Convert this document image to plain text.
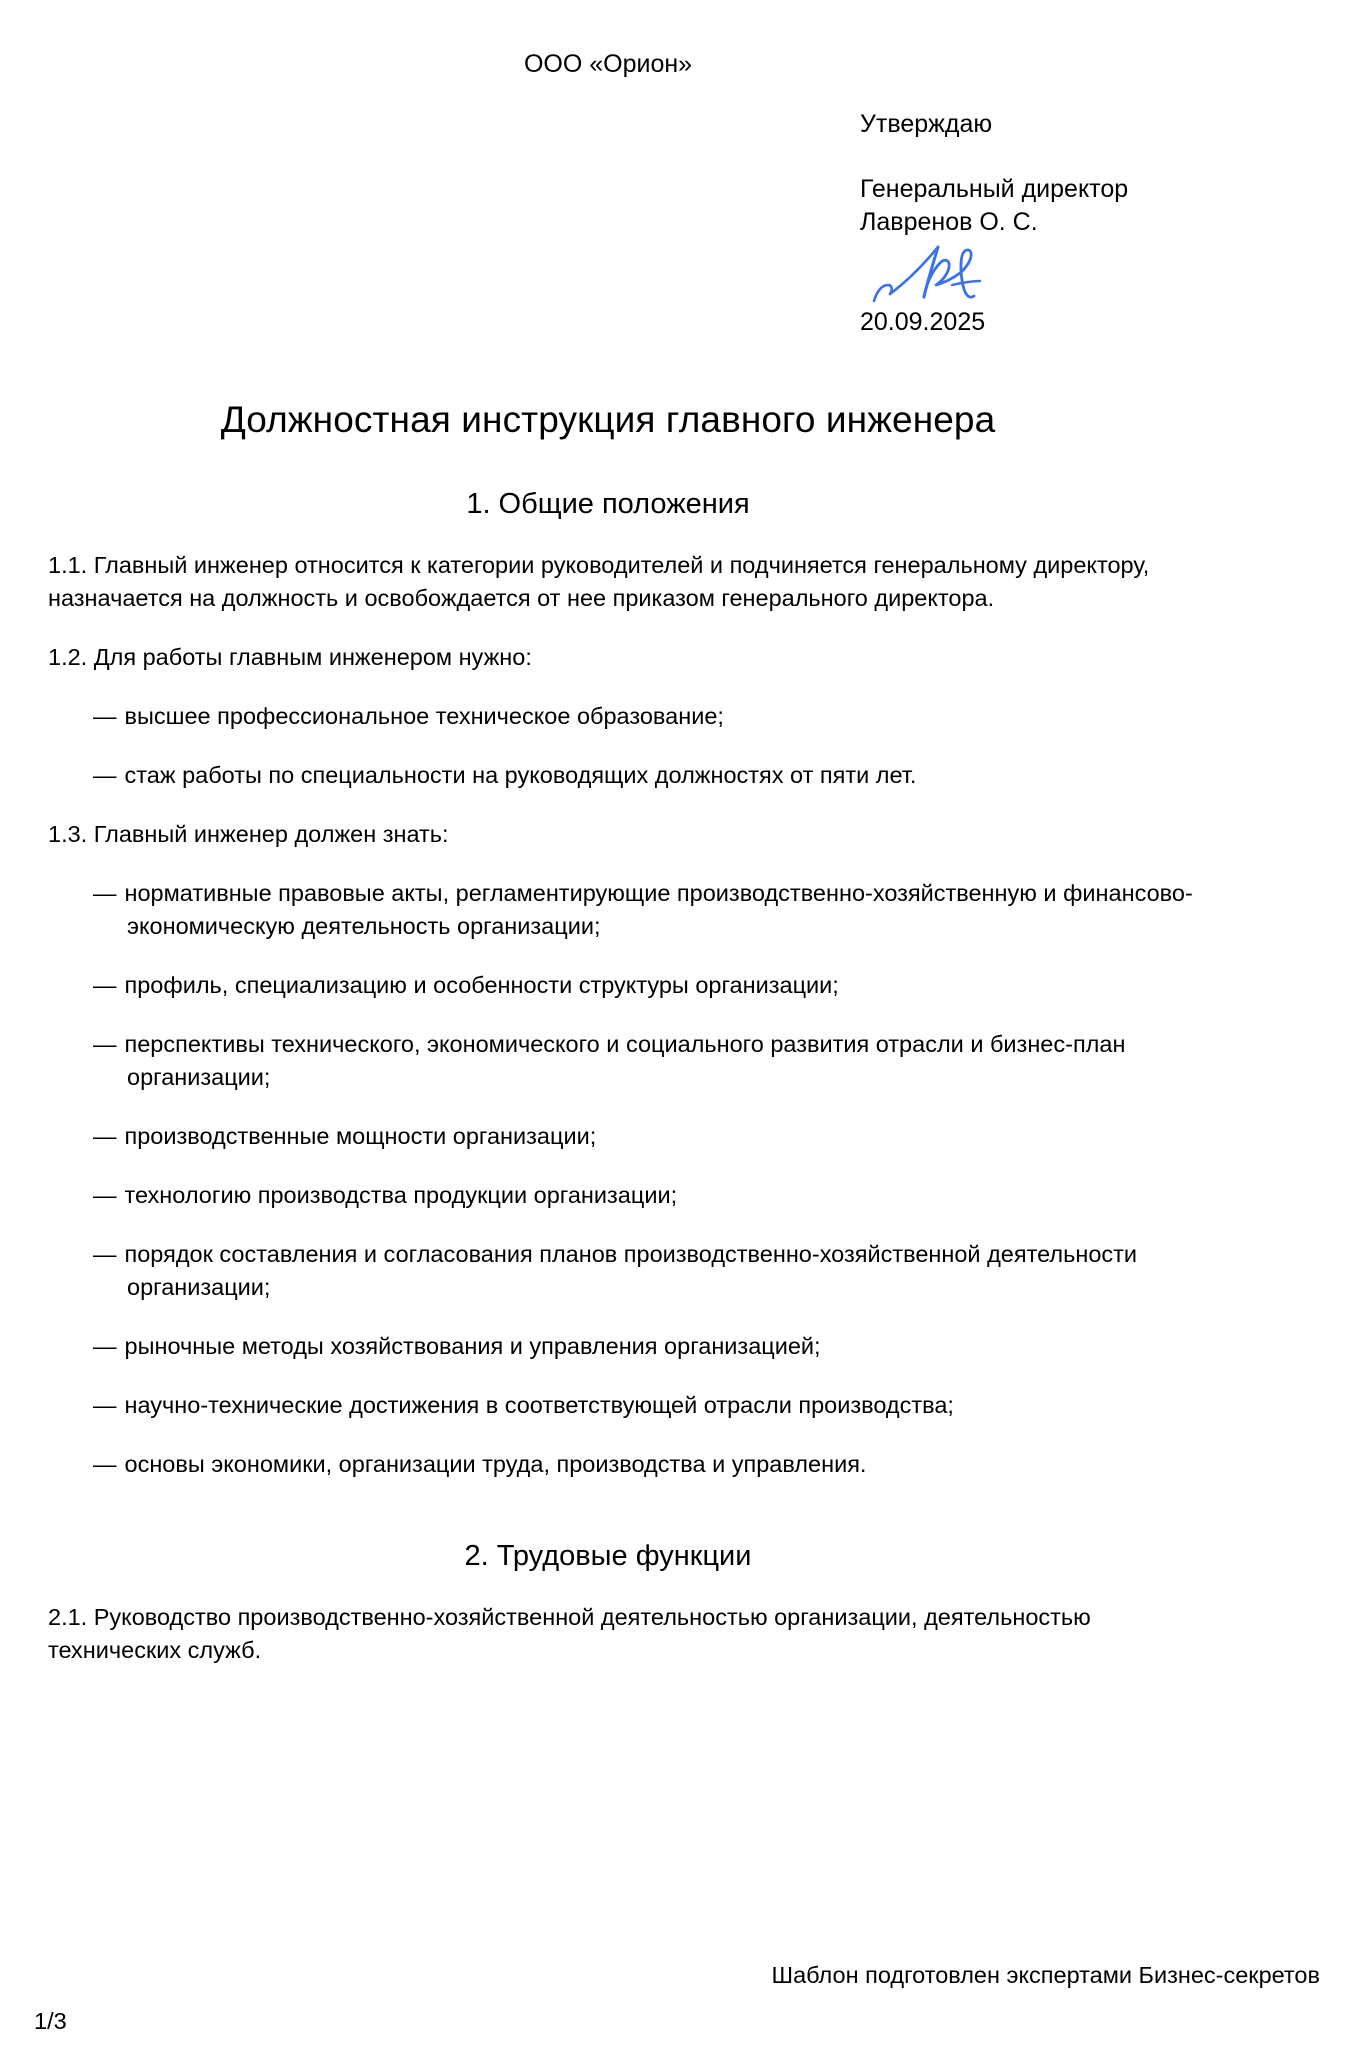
ООО «Орион»
Утверждаю
Генеральный директор
Лавренов О. С.
20.09.2025
Должностная инструкция главного инженера
1. Общие положения

1.1. Главный инженер относится к категории руководителей и подчиняется генеральному директору, назначается на должность и освобождается от нее приказом генерального директора.

1.2. Для работы главным инженером нужно:

— высшее профессиональное техническое образование;
— стаж работы по специальности на руководящих должностях от пяти лет.

1.3. Главный инженер должен знать:

— нормативные правовые акты, регламентирующие производственно-хозяйственную и финансово-экономическую деятельность организации;
— профиль, специализацию и особенности структуры организации;
— перспективы технического, экономического и социального развития отрасли и бизнес-план организации;
— производственные мощности организации;
— технологию производства продукции организации;
— порядок составления и согласования планов производственно-хозяйственной деятельности организации;
— рыночные методы хозяйствования и управления организацией;
— научно-технические достижения в соответствующей отрасли производства;
— основы экономики, организации труда, производства и управления.
2. Трудовые функции

2.1. Руководство производственно-хозяйственной деятельностью организации, деятельностью технических служб.

Шаблон подготовлен экспертами Бизнес-секретов
1/3
